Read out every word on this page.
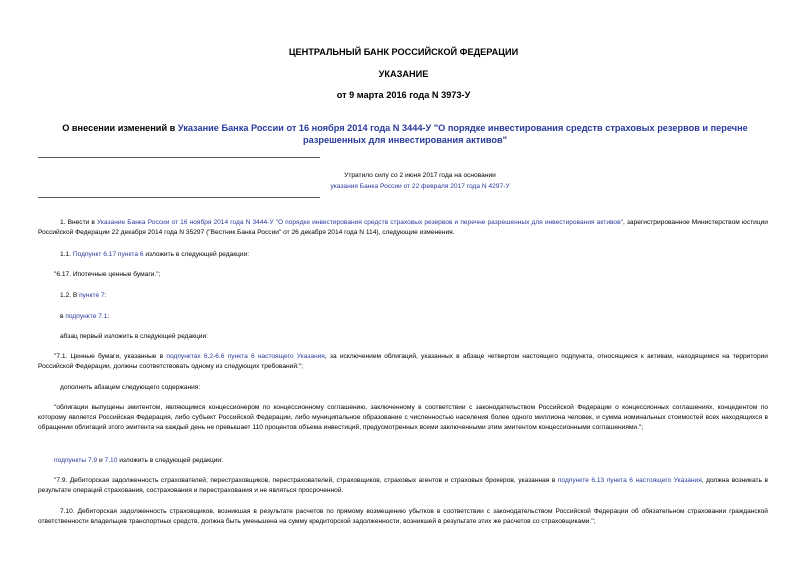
ЦЕНТРАЛЬНЫЙ БАНК РОССИЙСКОЙ ФЕДЕРАЦИИ
УКАЗАНИЕ
от 9 марта 2016 года N 3973-У
О внесении изменений в Указание Банка России от 16 ноября 2014 года N 3444-У "О порядке инвестирования средств страховых резервов и перечне разрешенных для инвестирования активов"
Утратило силу со 2 июня 2017 года на основании
указания Банка России от 22 февраля 2017 года N 4297-У
1. Внести в Указание Банка России от 16 ноября 2014 года N 3444-У "О порядке инвестирования средств страховых резервов и перечне разрешенных для инвестирования активов", зарегистрированное Министерством юстиции Российской Федерации 22 декабря 2014 года N 35297 ("Вестник Банка России" от 26 декабря 2014 года N 114), следующие изменения.
1.1. Подпункт 6.17 пункта 6 изложить в следующей редакции:
"6.17. Ипотечные ценные бумаги.";
1.2. В пункте 7:
в подпункте 7.1:
абзац первый изложить в следующей редакции:
"7.1. Ценные бумаги, указанные в подпунктах 6.2-6.6 пункта 6 настоящего Указания, за исключением облигаций, указанных в абзаце четвертом настоящего подпункта, относящиеся к активам, находящимся на территории Российской Федерации, должны соответствовать одному из следующих требований:";
дополнить абзацем следующего содержания:
"облигации выпущены эмитентом, являющимся концессионером по концессионному соглашению, заключенному в соответствии с законодательством Российской Федерации о концессионных соглашениях, концедентом по которому является Российская Федерация, либо субъект Российской Федерации, либо муниципальное образование с численностью населения более одного миллиона человек, и сумма номинальных стоимостей всех находящихся в обращении облигаций этого эмитента на каждый день не превышает 110 процентов объема инвестиций, предусмотренных всеми заключенными этим эмитентом концессионными соглашениями.";
подпункты 7.9 и 7.10 изложить в следующей редакции:
"7.9. Дебиторская задолженность страхователей, перестраховщиков, перестрахователей, страховщиков, страховых агентов и страховых брокеров, указанная в подпункте 6.13 пункта 6 настоящего Указания, должна возникать в результате операций страхования, сострахования и перестрахования и не являться просроченной.
7.10. Дебиторская задолженность страховщиков, возникшая в результате расчетов по прямому возмещению убытков в соответствии с законодательством Российской Федерации об обязательном страховании гражданской ответственности владельцев транспортных средств, должна быть уменьшена на сумму кредиторской задолженности, возникшей в результате этих же расчетов со страховщиками.";
